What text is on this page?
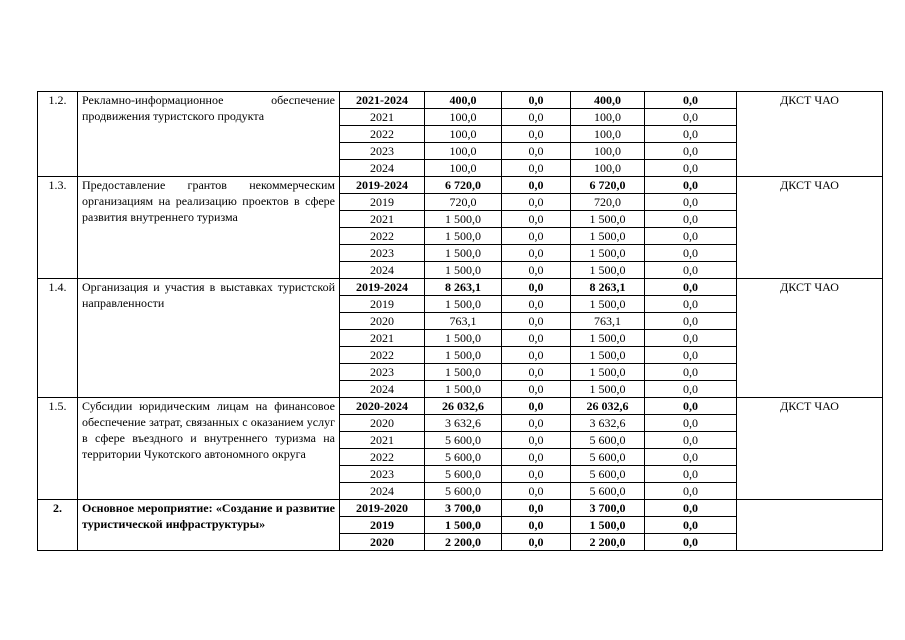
1.2.	Рекламно-информационное обеспечение продвижения туристского продукта	2021-2024	400,0	0,0	400,0	0,0	ДКСТ ЧАО
		2021	100,0	0,0	100,0	0,0	
		2022	100,0	0,0	100,0	0,0	
		2023	100,0	0,0	100,0	0,0	
		2024	100,0	0,0	100,0	0,0	
1.3.	Предоставление грантов некоммерческим организациям на реализацию проектов в сфере развития внутреннего туризма	2019-2024	6 720,0	0,0	6 720,0	0,0	ДКСТ ЧАО
		2019	720,0	0,0	720,0	0,0	
		2021	1 500,0	0,0	1 500,0	0,0	
		2022	1 500,0	0,0	1 500,0	0,0	
		2023	1 500,0	0,0	1 500,0	0,0	
		2024	1 500,0	0,0	1 500,0	0,0	
1.4.	Организация и участия в выставках туристской направленности	2019-2024	8 263,1	0,0	8 263,1	0,0	ДКСТ ЧАО
		2019	1 500,0	0,0	1 500,0	0,0	
		2020	763,1	0,0	763,1	0,0	
		2021	1 500,0	0,0	1 500,0	0,0	
		2022	1 500,0	0,0	1 500,0	0,0	
		2023	1 500,0	0,0	1 500,0	0,0	
		2024	1 500,0	0,0	1 500,0	0,0	
1.5.	Субсидии юридическим лицам на финансовое обеспечение затрат, связанных с оказанием услуг в сфере въездного и внутреннего туризма на территории Чукотского автономного округа	2020-2024	26 032,6	0,0	26 032,6	0,0	ДКСТ ЧАО
		2020	3 632,6	0,0	3 632,6	0,0	
		2021	5 600,0	0,0	5 600,0	0,0	
		2022	5 600,0	0,0	5 600,0	0,0	
		2023	5 600,0	0,0	5 600,0	0,0	
		2024	5 600,0	0,0	5 600,0	0,0	
2.	Основное мероприятие: «Создание и развитие туристической инфраструктуры»	2019-2020	3 700,0	0,0	3 700,0	0,0	
		2019	1 500,0	0,0	1 500,0	0,0	
		2020	2 200,0	0,0	2 200,0	0,0	
